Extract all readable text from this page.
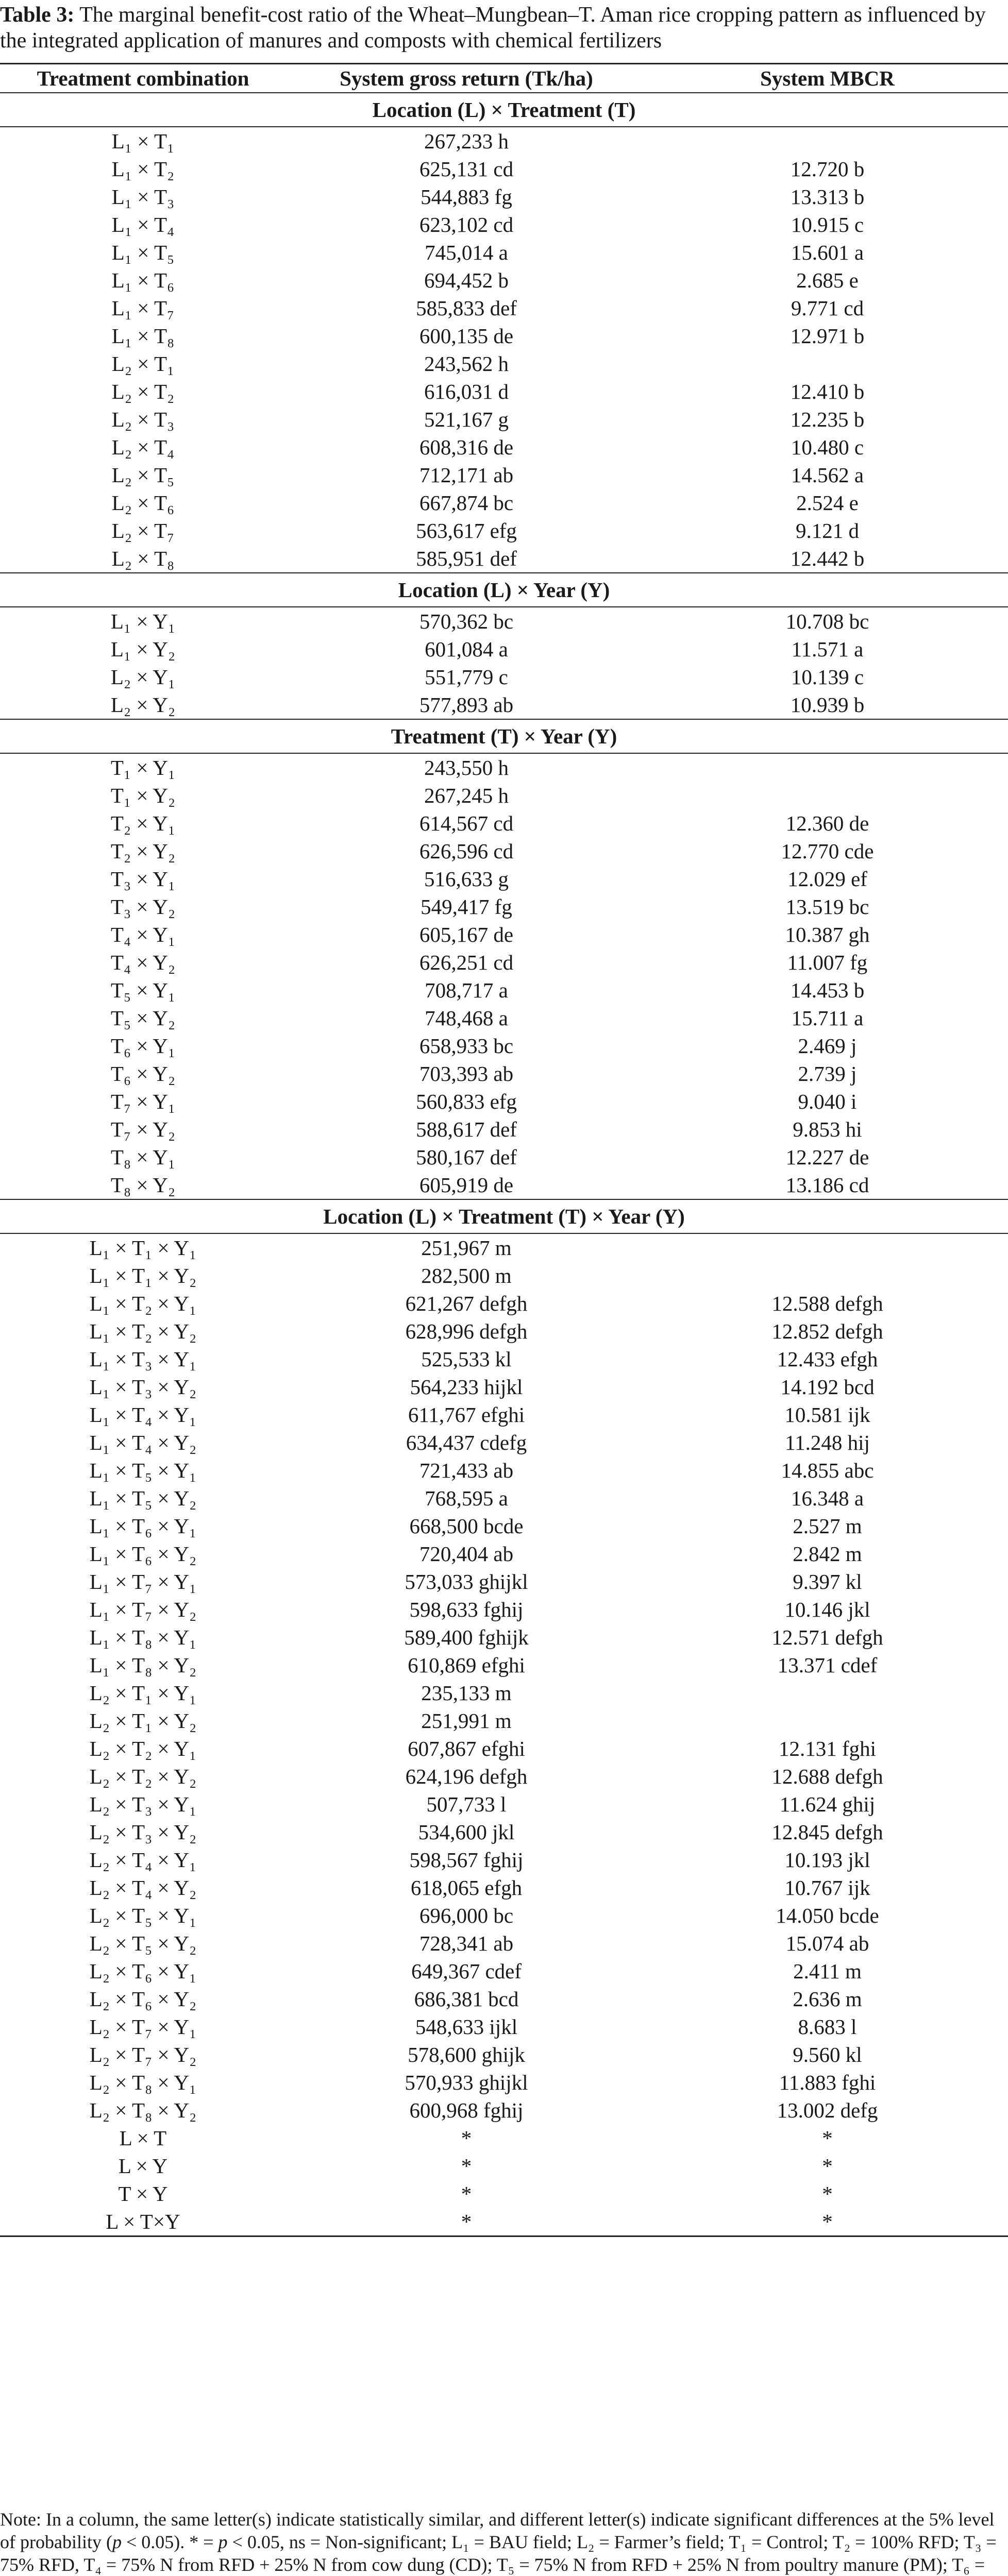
Table 3: The marginal benefit-cost ratio of the Wheat–Mungbean–T. Aman rice cropping pattern as influenced by the integrated application of manures and composts with chemical fertilizers
Treatment combination	System gross return (Tk/ha)	System MBCR
Location (L) × Treatment (T)		
L₁ × T₁	267,233 h	
L₁ × T₂	625,131 cd	12.720 b
L₁ × T₃	544,883 fg	13.313 b
L₁ × T₄	623,102 cd	10.915 c
L₁ × T₅	745,014 a	15.601 a
L₁ × T₆	694,452 b	2.685 e
L₁ × T₇	585,833 def	9.771 cd
L₁ × T₈	600,135 de	12.971 b
L₂ × T₁	243,562 h	
L₂ × T₂	616,031 d	12.410 b
L₂ × T₃	521,167 g	12.235 b
L₂ × T₄	608,316 de	10.480 c
L₂ × T₅	712,171 ab	14.562 a
L₂ × T₆	667,874 bc	2.524 e
L₂ × T₇	563,617 efg	9.121 d
L₂ × T₈	585,951 def	12.442 b
Location (L) × Year (Y)		
L₁ × Y₁	570,362 bc	10.708 bc
L₁ × Y₂	601,084 a	11.571 a
L₂ × Y₁	551,779 c	10.139 c
L₂ × Y₂	577,893 ab	10.939 b
Treatment (T) × Year (Y)		
T₁ × Y₁	243,550 h	
T₁ × Y₂	267,245 h	
T₂ × Y₁	614,567 cd	12.360 de
T₂ × Y₂	626,596 cd	12.770 cde
T₃ × Y₁	516,633 g	12.029 ef
T₃ × Y₂	549,417 fg	13.519 bc
T₄ × Y₁	605,167 de	10.387 gh
T₄ × Y₂	626,251 cd	11.007 fg
T₅ × Y₁	708,717 a	14.453 b
T₅ × Y₂	748,468 a	15.711 a
T₆ × Y₁	658,933 bc	2.469 j
T₆ × Y₂	703,393 ab	2.739 j
T₇ × Y₁	560,833 efg	9.040 i
T₇ × Y₂	588,617 def	9.853 hi
T₈ × Y₁	580,167 def	12.227 de
T₈ × Y₂	605,919 de	13.186 cd
Location (L) × Treatment (T) × Year (Y)		
L₁ × T₁ × Y₁	251,967 m	
L₁ × T₁ × Y₂	282,500 m	
L₁ × T₂ × Y₁	621,267 defgh	12.588 defgh
L₁ × T₂ × Y₂	628,996 defgh	12.852 defgh
L₁ × T₃ × Y₁	525,533 kl	12.433 efgh
L₁ × T₃ × Y₂	564,233 hijkl	14.192 bcd
L₁ × T₄ × Y₁	611,767 efghi	10.581 ijk
L₁ × T₄ × Y₂	634,437 cdefg	11.248 hij
L₁ × T₅ × Y₁	721,433 ab	14.855 abc
L₁ × T₅ × Y₂	768,595 a	16.348 a
L₁ × T₆ × Y₁	668,500 bcde	2.527 m
L₁ × T₆ × Y₂	720,404 ab	2.842 m
L₁ × T₇ × Y₁	573,033 ghijkl	9.397 kl
L₁ × T₇ × Y₂	598,633 fghij	10.146 jkl
L₁ × T₈ × Y₁	589,400 fghijk	12.571 defgh
L₁ × T₈ × Y₂	610,869 efghi	13.371 cdef
L₂ × T₁ × Y₁	235,133 m	
L₂ × T₁ × Y₂	251,991 m	
L₂ × T₂ × Y₁	607,867 efghi	12.131 fghi
L₂ × T₂ × Y₂	624,196 defgh	12.688 defgh
L₂ × T₃ × Y₁	507,733 l	11.624 ghij
L₂ × T₃ × Y₂	534,600 jkl	12.845 defgh
L₂ × T₄ × Y₁	598,567 fghij	10.193 jkl
L₂ × T₄ × Y₂	618,065 efgh	10.767 ijk
L₂ × T₅ × Y₁	696,000 bc	14.050 bcde
L₂ × T₅ × Y₂	728,341 ab	15.074 ab
L₂ × T₆ × Y₁	649,367 cdef	2.411 m
L₂ × T₆ × Y₂	686,381 bcd	2.636 m
L₂ × T₇ × Y₁	548,633 ijkl	8.683 l
L₂ × T₇ × Y₂	578,600 ghijk	9.560 kl
L₂ × T₈ × Y₁	570,933 ghijkl	11.883 fghi
L₂ × T₈ × Y₂	600,968 fghij	13.002 defg
L × T	*	*
L × Y	*	*
T × Y	*	*
L × T×Y	*	*
Note: In a column, the same letter(s) indicate statistically similar, and different letter(s) indicate significant differences at the 5% level of probability (p < 0.05). * = p < 0.05, ns = Non-significant; L₁ = BAU field; L₂ = Farmer’s field; T₁ = Control; T₂ = 100% RFD; T₃ = 75% RFD, T₄ = 75% N from RFD + 25% N from cow dung (CD); T₅ = 75% N from RFD + 25% N from poultry manure (PM); T₆ =
